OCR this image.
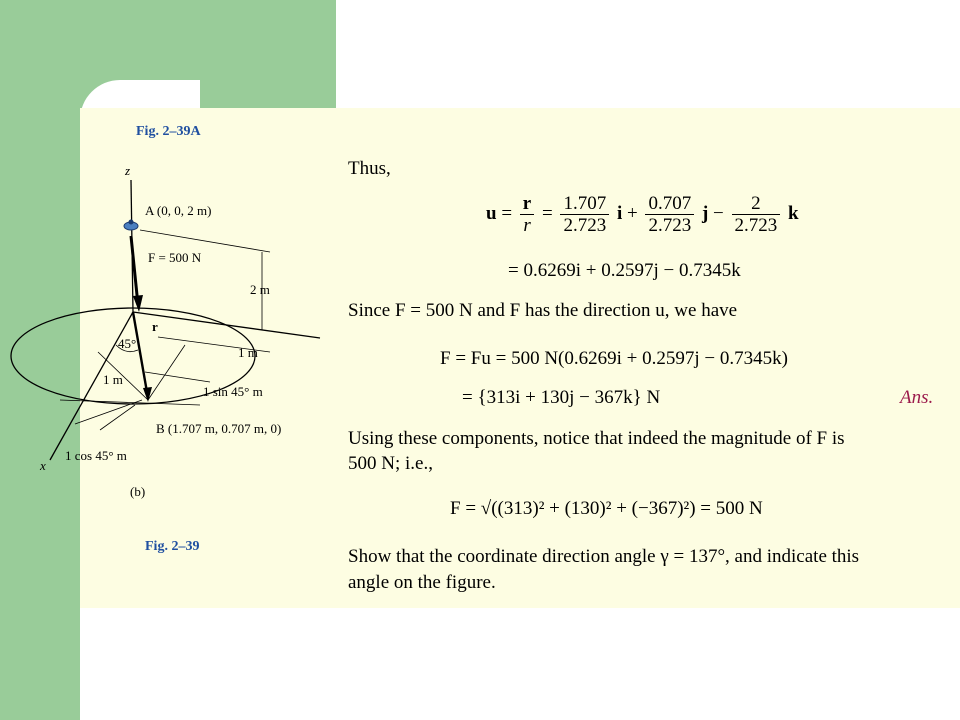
Fig. 2–39A
Fig. 2–39
z
x
A (0, 0, 2 m)
F = 500 N
2 m
r
45°
1 m
1 m
1 sin 45° m
B (1.707 m, 0.707 m, 0)
1 cos 45° m
(b)
Thus,
$u = \frac{r}{r} = \frac{1.707}{2.723}$ $i + \frac{0.707}{2.723}$ $j - \frac{2}{2.723}$ k
= 0.6269i + 0.2597j − 0.7345k
Since F = 500 N and F has the direction u, we have
F = Fu = 500 N(0.6269i + 0.2597j − 0.7345k)
= {313i + 130j − 367k} N	Ans.
Using these components, notice that indeed the magnitude of F is
500 N; i.e.,
F = √((313)² + (130)² + (−367)²) = 500 N
Show that the coordinate direction angle γ = 137°, and indicate this
angle on the figure.
